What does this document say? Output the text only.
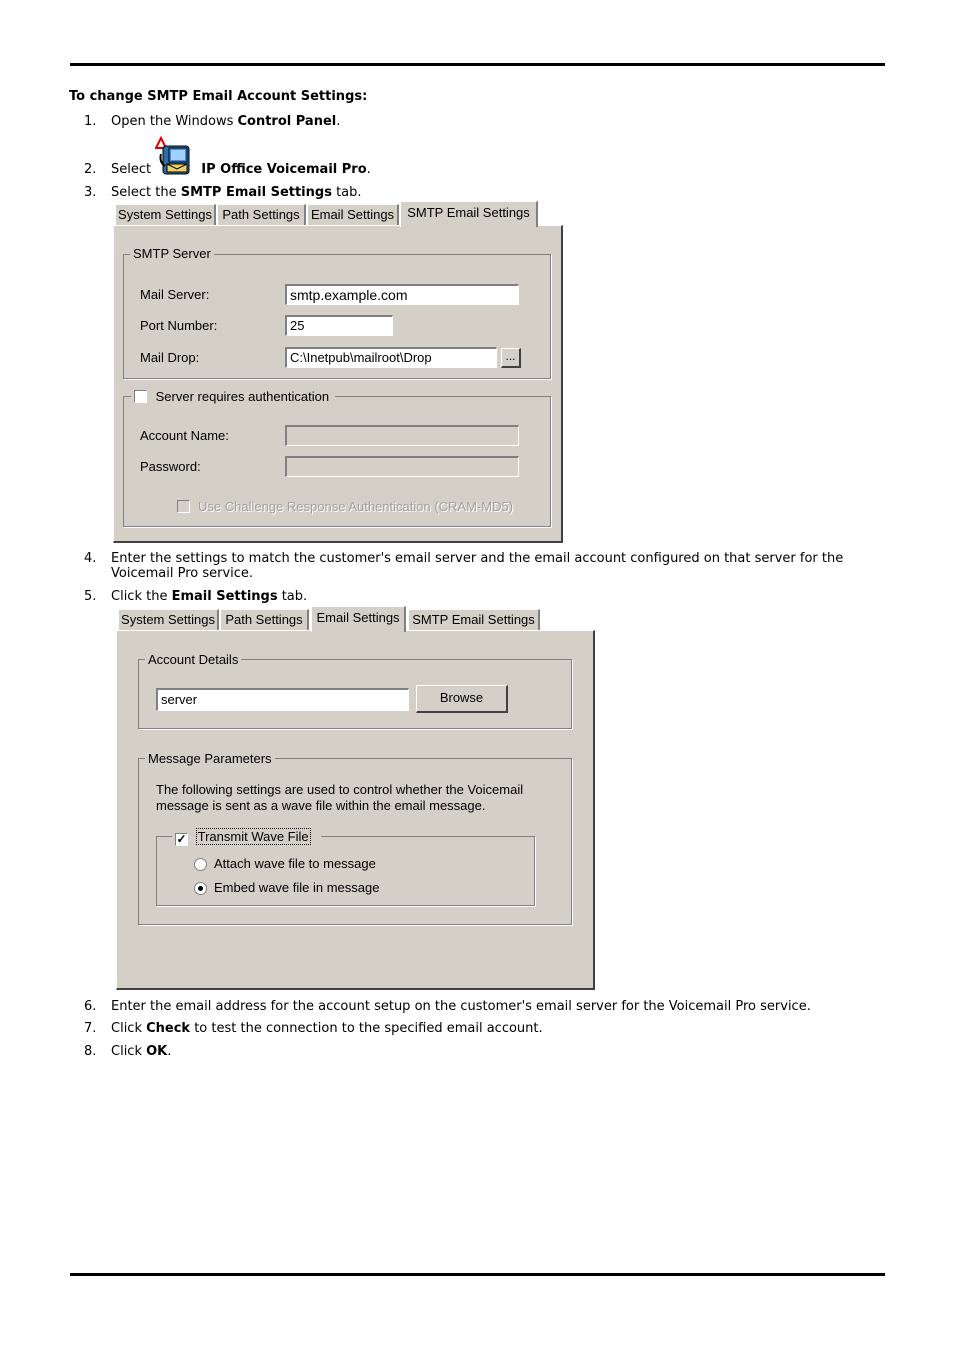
To change SMTP Email Account Settings:
1. Open the Windows Control Panel.
2. Select	IP Office Voicemail Pro.
3. Select the SMTP Email Settings tab.
System Settings Path Settings Email Settings	SMTP Email Settings
SMTP Server
Mail Server:	smtp.example.com
Port Number:	25
Mail Drop:	C:\Inetpub\mailroot\Drop	...
Server requires authentication
Account Name:
Password:
Use Challenge Response Authentication (CRAM-MD5)
4. Enter the settings to match the customer's email server and the email account configured on that server for the Voicemail Pro service.
5. Click the Email Settings tab.
System Settings Path Settings	Email Settings SMTP Email Settings
Account Details
server	Browse
Message Parameters
The following settings are used to control whether the Voicemail message is sent as a wave file within the email message.
✓ Transmit Wave File
Attach wave file to message
Embed wave file in message
6. Enter the email address for the account setup on the customer's email server for the Voicemail Pro service.
7. Click Check to test the connection to the specified email account.
8. Click OK.
